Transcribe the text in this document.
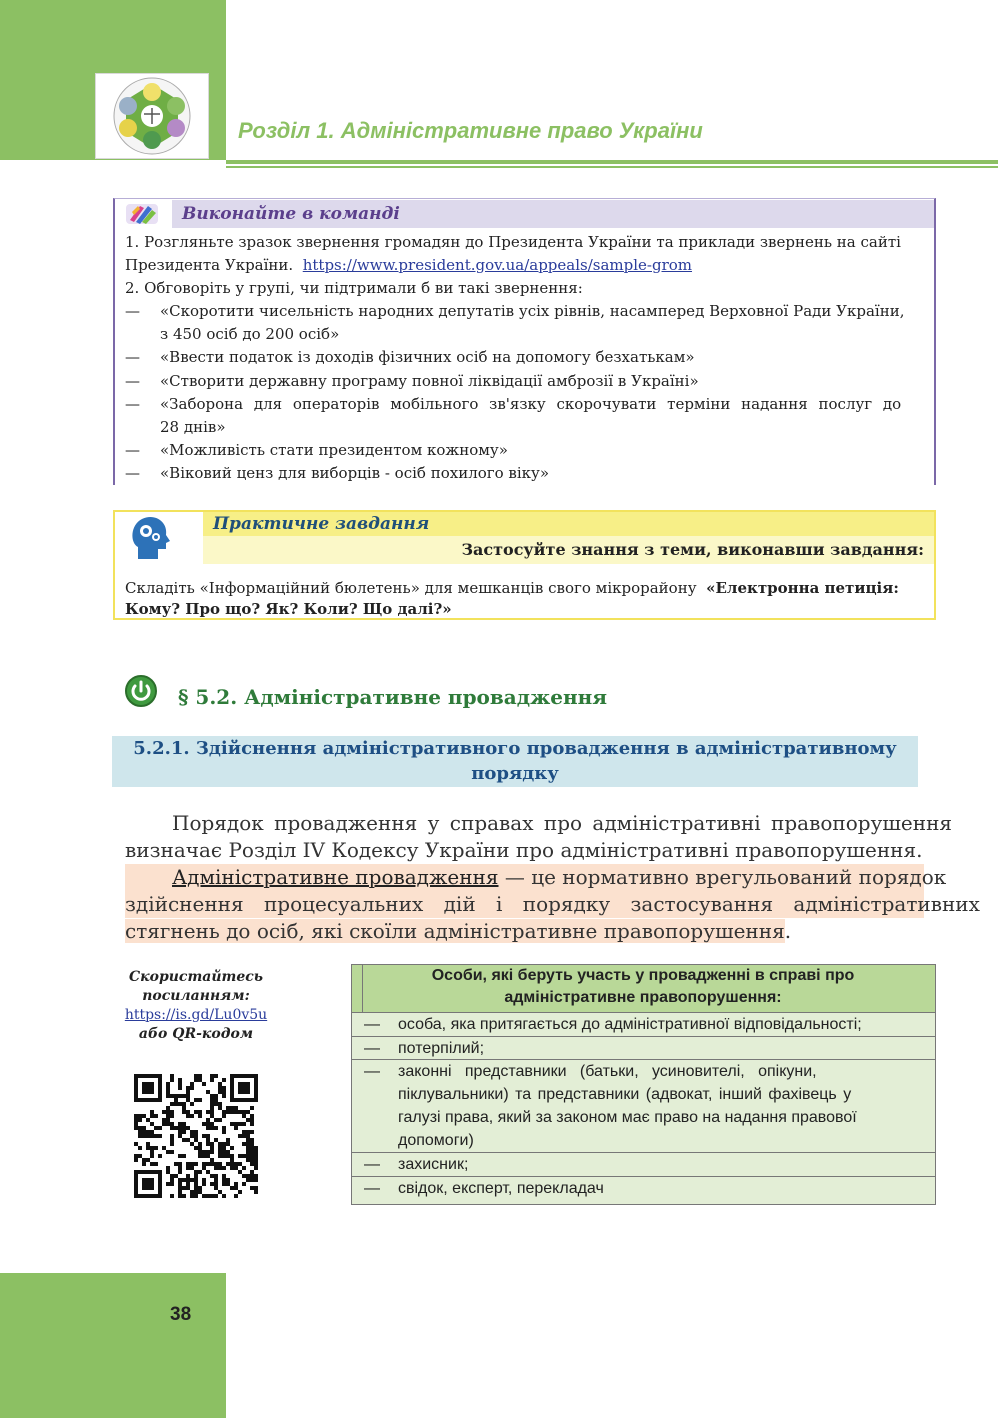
Розділ 1. Адміністративне право України
Виконайте в команді
1. Розгляньте зразок звернення громадян до Президента України та приклади звернень на сайті
Президента України. https://www.president.gov.ua/appeals/sample-grom
2. Обговоріть у групі, чи підтримали б ви такі звернення:
— «Скоротити чисельність народних депутатів усіх рівнів, насамперед Верховної Ради України,
з 450 осіб до 200 осіб»
— «Ввести податок із доходів фізичних осіб на допомогу безхатькам»
— «Створити державну програму повної ліквідації амброзії в Україні»
— «Заборона для операторів мобільного зв'язку скорочувати терміни надання послуг до
28 днів»
— «Можливість стати президентом кожному»
— «Віковий ценз для виборців - осіб похилого віку»
Практичне завдання
Застосуйте знання з теми, виконавши завдання:
Складіть «Інформаційний бюлетень» для мешканців свого мікрорайону «Електронна петиція:
Кому? Про що? Як? Коли? Що далі?»
§ 5.2. Адміністративне провадження
5.2.1. Здійснення адміністративного провадження в адміністративному
порядку
Порядок провадження у справах про адміністративні правопорушення
визначає Розділ IV Кодексу України про адміністративні правопорушення.
Адміністративне провадження — це нормативно врегульований порядок
здійснення процесуальних дій і порядку застосування адміністративних
стягнень до осіб, які скоїли адміністративне правопорушення.
Скористайтесь
посиланням:
https://is.gd/Lu0v5u
або QR-кодом
Особи, які беруть участь у провадженні в справі про
адміністративне правопорушення:
— особа, яка притягається до адміністративної відповідальності;
— потерпілий;
— законні   представники   (батьки,   усиновителі,   опікуни,
піклувальники) та представники (адвокат, інший фахівець у
галузі права, який за законом має право на надання правової
допомоги)
— захисник;
— свідок, експерт, перекладач
38
